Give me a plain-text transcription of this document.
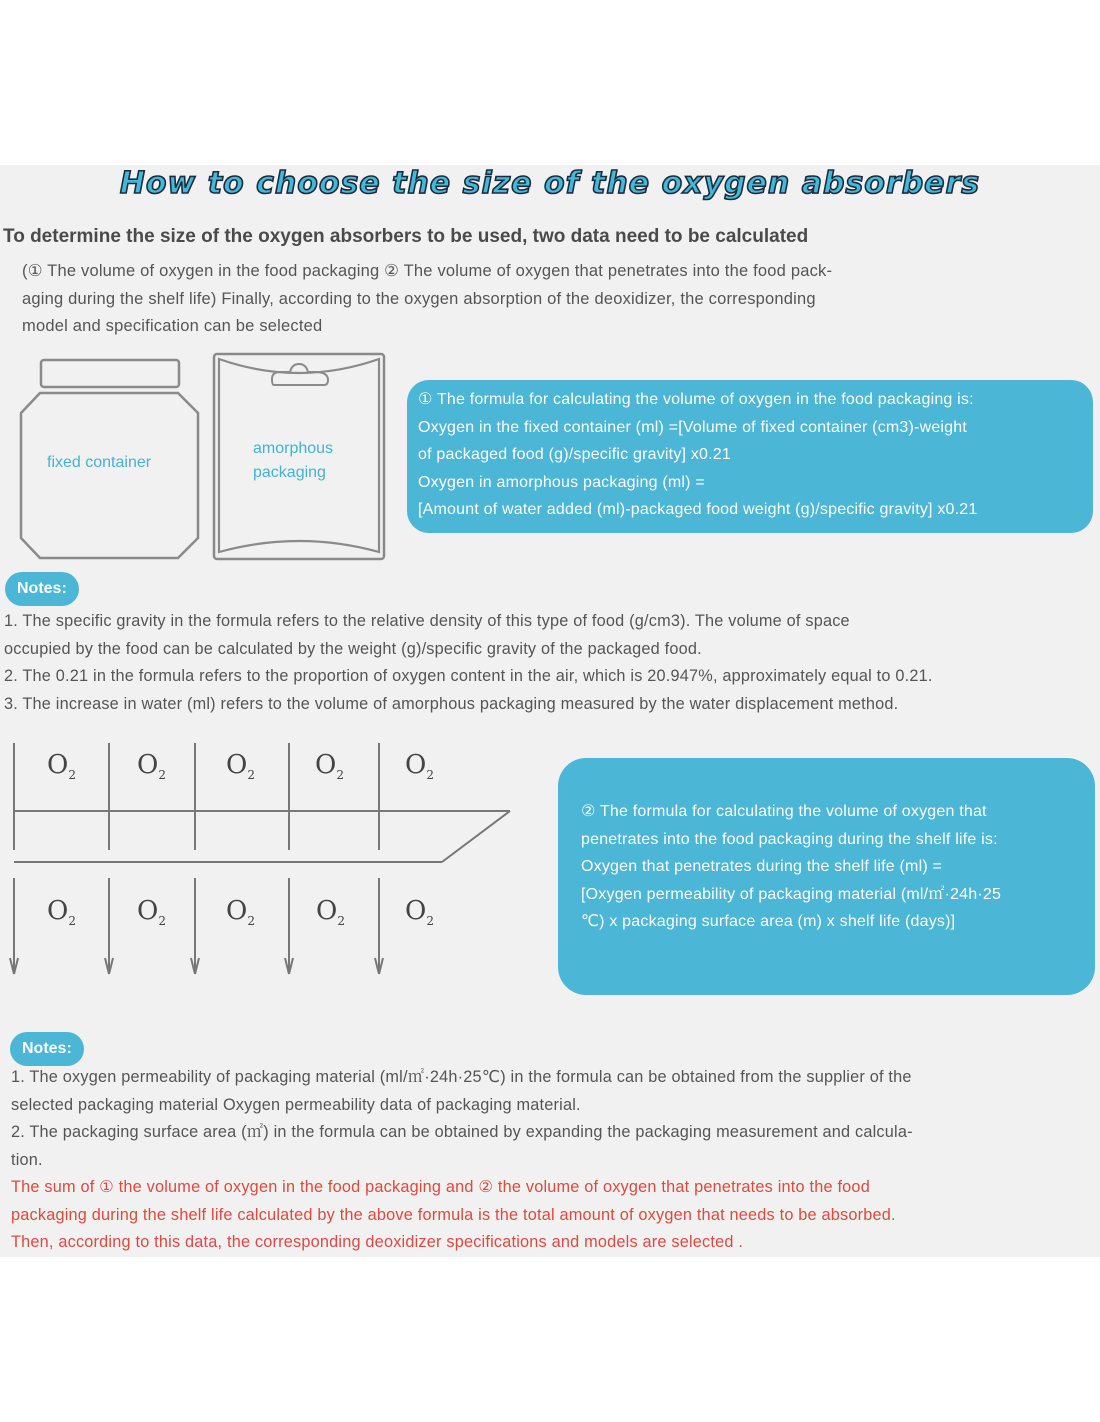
How to choose the size of the oxygen absorbers
To determine the size of the oxygen absorbers to be used, two data need to be calculated
(① The volume of oxygen in the food packaging ② The volume of oxygen that penetrates into the food pack-
aging during the shelf life) Finally, according to the oxygen absorption of the deoxidizer, the corresponding
model and specification can be selected
fixed container
amorphous
packaging
① The formula for calculating the volume of oxygen in the food packaging is:
Oxygen in the fixed container (ml) =[Volume of fixed container (cm3)-weight
of packaged food (g)/specific gravity] x0.21
Oxygen in amorphous packaging (ml) =
[Amount of water added (ml)-packaged food weight (g)/specific gravity] x0.21
Notes:

1. The specific gravity in the formula refers to the relative density of this type of food (g/cm3). The volume of space

occupied by the food can be calculated by the weight (g)/specific gravity of the packaged food.

2. The 0.21 in the formula refers to the proportion of oxygen content in the air, which is 20.947%, approximately equal to 0.21.

3. The increase in water (ml) refers to the volume of amorphous packaging measured by the water displacement method.

$O_2$ $O_2$ $O_2$ $O_2$ $O_2$
$O_2$ $O_2$ $O_2$ $O_2$ $O_2$
② The formula for calculating the volume of oxygen that
penetrates into the food packaging during the shelf life is:
Oxygen that penetrates during the shelf life (ml) =
[Oxygen permeability of packaging material (ml/㎡·24h·25
℃) x packaging surface area (m) x shelf life (days)]
Notes:

1. The oxygen permeability of packaging material (ml/㎡·24h·25℃) in the formula can be obtained from the supplier of the

selected packaging material Oxygen permeability data of packaging material.

2. The packaging surface area (㎡) in the formula can be obtained by expanding the packaging measurement and calcula-

tion.

The sum of ① the volume of oxygen in the food packaging and ② the volume of oxygen that penetrates into the food

packaging during the shelf life calculated by the above formula is the total amount of oxygen that needs to be absorbed.

Then, according to this data, the corresponding deoxidizer specifications and models are selected .
